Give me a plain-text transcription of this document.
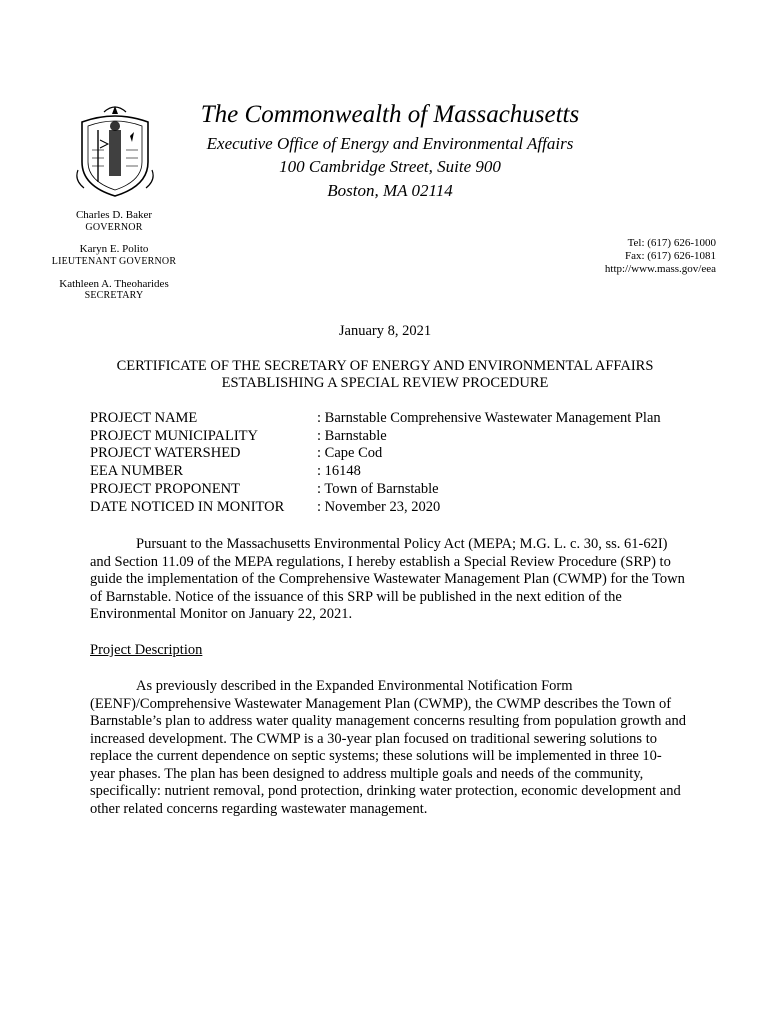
The Commonwealth of Massachusetts
Executive Office of Energy and Environmental Affairs
100 Cambridge Street, Suite 900
Boston, MA 02114
Charles D. Baker
GOVERNOR
Karyn E. Polito
LIEUTENANT GOVERNOR
Kathleen A. Theoharides
SECRETARY
Tel: (617) 626-1000
Fax: (617) 626-1081
http://www.mass.gov/eea
January 8, 2021
CERTIFICATE OF THE SECRETARY OF ENERGY AND ENVIRONMENTAL AFFAIRS
ESTABLISHING A SPECIAL REVIEW PROCEDURE
PROJECT NAME	: Barnstable Comprehensive Wastewater Management Plan
PROJECT MUNICIPALITY	: Barnstable
PROJECT WATERSHED	: Cape Cod
EEA NUMBER	: 16148
PROJECT PROPONENT	: Town of Barnstable
DATE NOTICED IN MONITOR	: November 23, 2020
Pursuant to the Massachusetts Environmental Policy Act (MEPA; M.G. L. c. 30, ss. 61-62I) and Section 11.09 of the MEPA regulations, I hereby establish a Special Review Procedure (SRP) to guide the implementation of the Comprehensive Wastewater Management Plan (CWMP) for the Town of Barnstable. Notice of the issuance of this SRP will be published in the next edition of the Environmental Monitor on January 22, 2021.
Project Description
As previously described in the Expanded Environmental Notification Form (EENF)/Comprehensive Wastewater Management Plan (CWMP), the CWMP describes the Town of Barnstable’s plan to address water quality management concerns resulting from population growth and increased development. The CWMP is a 30-year plan focused on traditional sewering solutions to replace the current dependence on septic systems; these solutions will be implemented in three 10-year phases. The plan has been designed to address multiple goals and needs of the community, specifically: nutrient removal, pond protection, drinking water protection, economic development and other related concerns regarding wastewater management.
